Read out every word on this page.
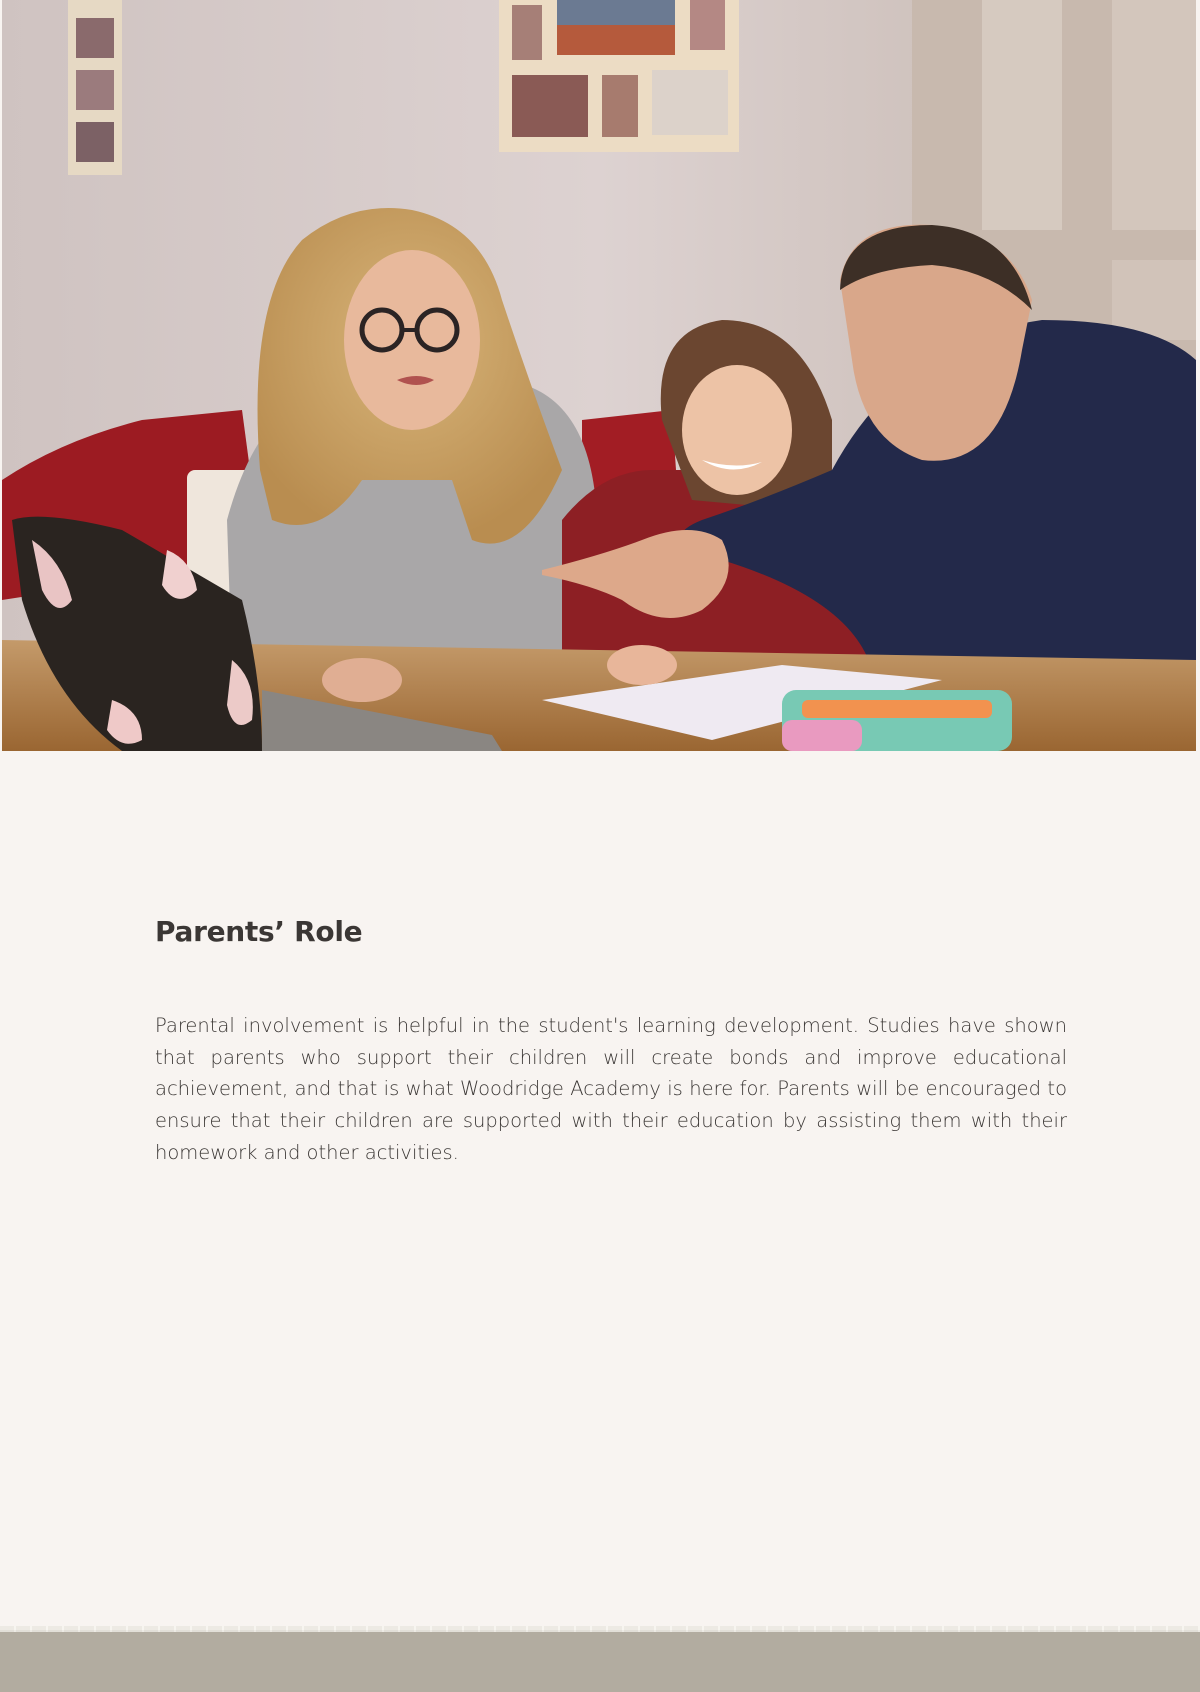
Parents’ Role

Parental involvement is helpful in the student's learning development. Studies have shown that parents who support their children will create bonds and improve educational achievement, and that is what Woodridge Academy is here for. Parents will be encouraged to ensure that their children are supported with their education by assisting them with their homework and other activities.
